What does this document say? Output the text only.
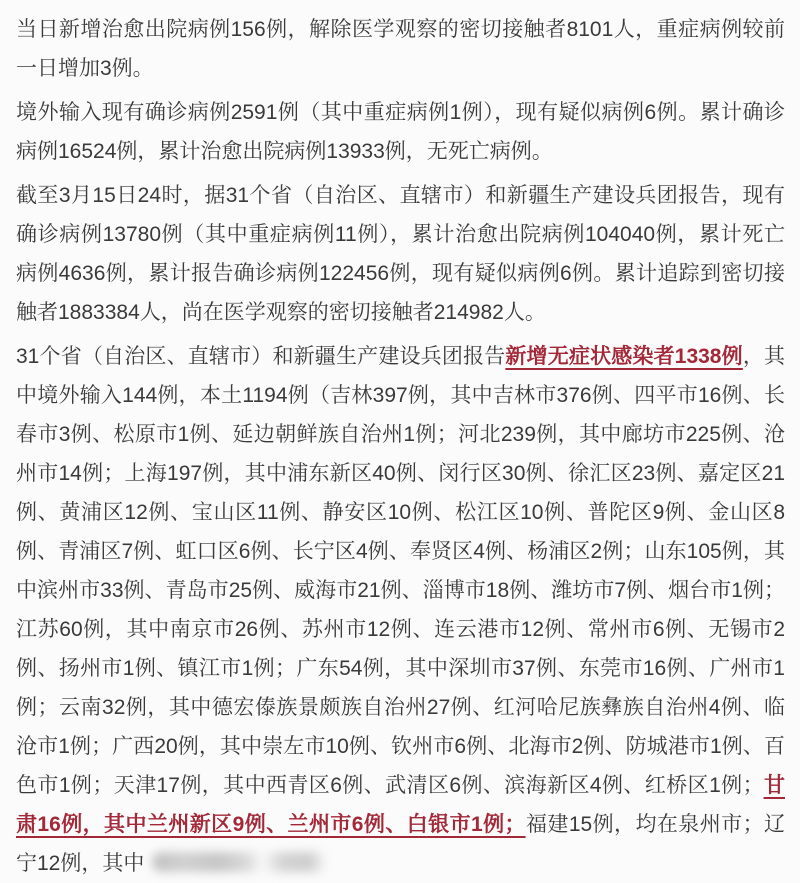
当日新增治愈出院病例156例，解除医学观察的密切接触者8101人，重症病例较前一日增加3例。

境外输入现有确诊病例2591例（其中重症病例1例），现有疑似病例6例。累计确诊病例16524例，累计治愈出院病例13933例，无死亡病例。

截至3月15日24时，据31个省（自治区、直辖市）和新疆生产建设兵团报告，现有确诊病例13780例（其中重症病例11例），累计治愈出院病例104040例，累计死亡病例4636例，累计报告确诊病例122456例，现有疑似病例6例。累计追踪到密切接触者1883384人，尚在医学观察的密切接触者214982人。

31个省（自治区、直辖市）和新疆生产建设兵团报告新增无症状感染者1338例，其中境外输入144例，本土1194例（吉林397例，其中吉林市376例、四平市16例、长春市3例、松原市1例、延边朝鲜族自治州1例；河北239例，其中廊坊市225例、沧州市14例；上海197例，其中浦东新区40例、闵行区30例、徐汇区23例、嘉定区21例、黄浦区12例、宝山区11例、静安区10例、松江区10例、普陀区9例、金山区8例、青浦区7例、虹口区6例、长宁区4例、奉贤区4例、杨浦区2例；山东105例，其中滨州市33例、青岛市25例、威海市21例、淄博市18例、潍坊市7例、烟台市1例；江苏60例，其中南京市26例、苏州市12例、连云港市12例、常州市6例、无锡市2例、扬州市1例、镇江市1例；广东54例，其中深圳市37例、东莞市16例、广州市1例；云南32例，其中德宏傣族景颇族自治州27例、红河哈尼族彝族自治州4例、临沧市1例；广西20例，其中崇左市10例、钦州市6例、北海市2例、防城港市1例、百色市1例；天津17例，其中西青区6例、武清区6例、滨海新区4例、红桥区1例；甘肃16例，其中兰州新区9例、兰州市6例、白银市1例；福建15例，均在泉州市；辽宁12例，其中
